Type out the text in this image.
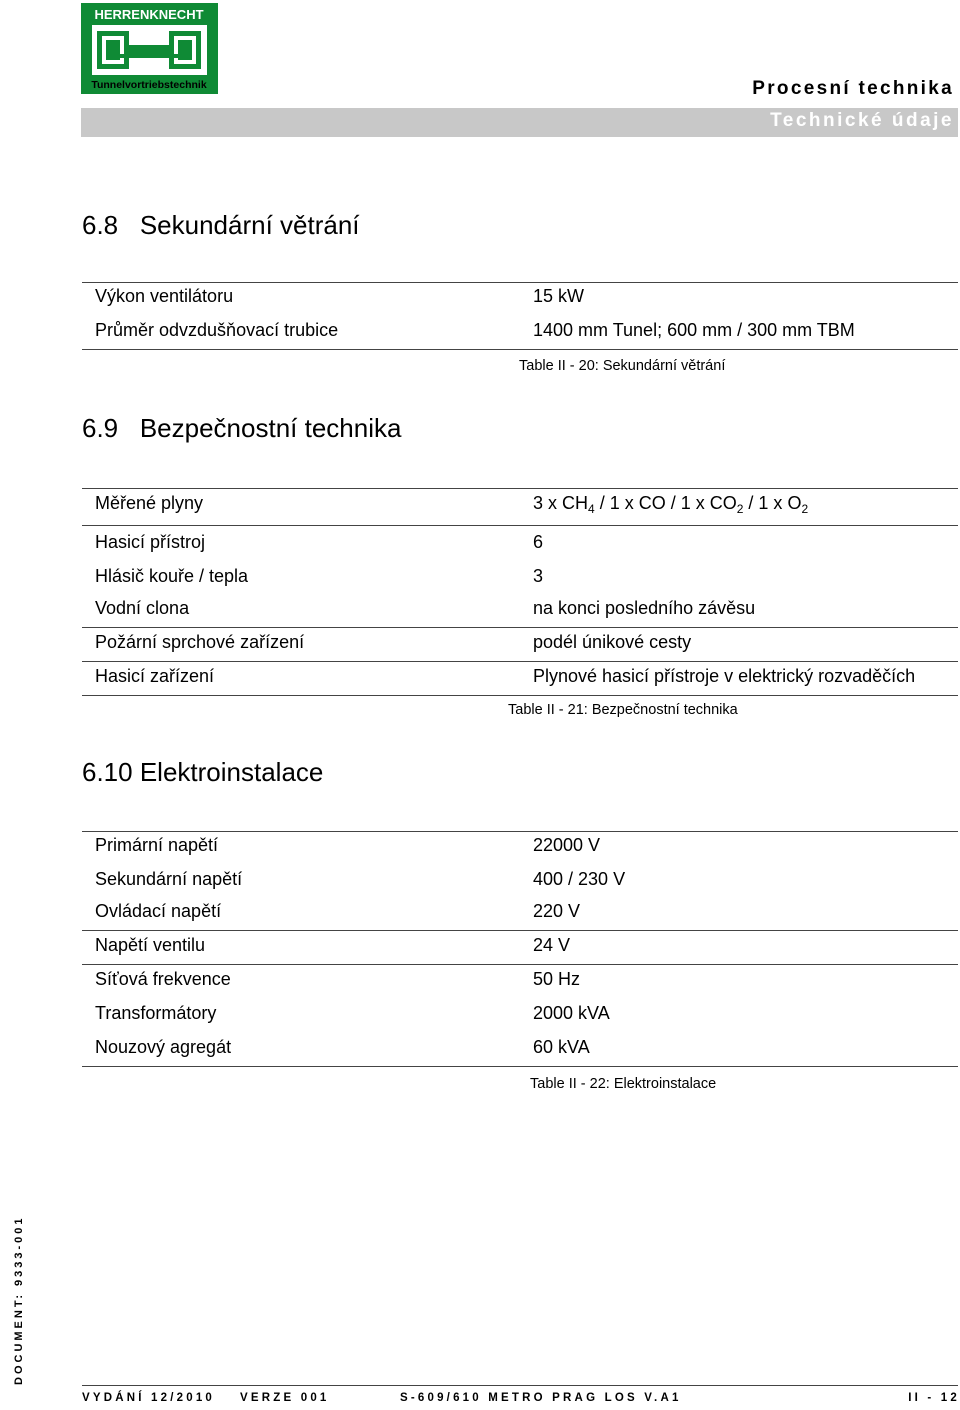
HERRENKNECHT
Tunnelvortriebstechnik	Procesní technika
Technické údaje
6.8 Sekundární větrání
Výkon ventilátoru	15 kW
Průměr odvzdušňovací trubice	1400 mm Tunel; 600 mm / 300 mm TBM
Table II - 20: Sekundární větrání
6.9 Bezpečnostní technika
Měřené plyny	3 x $CH_4 / 1$ x CO / 1 x $CO_2 / 1$ x $O_2$
Hasicí přístroj	6
Hlásič kouře / tepla	3
Vodní clona	na konci posledního závěsu
Požární sprchové zařízení	podél únikové cesty
Hasicí zařízení	Plynové hasicí přístroje v elektrický rozvaděčích
Table II - 21: Bezpečnostní technika
6.10 Elektroinstalace
Primární napětí	22000 V
Sekundární napětí	400 / 230 V
Ovládací napětí	220 V
Napětí ventilu	24 V
Síťová frekvence	50 Hz
Transformátory	2000 kVA
Nouzový agregát	60 kVA
Table II - 22: Elektroinstalace
DOCUMENT: 9333-001
VYDÁNÍ 12/2010 VERZE 001	S-609/610 METRO PRAG LOS V.A1	II - 12
